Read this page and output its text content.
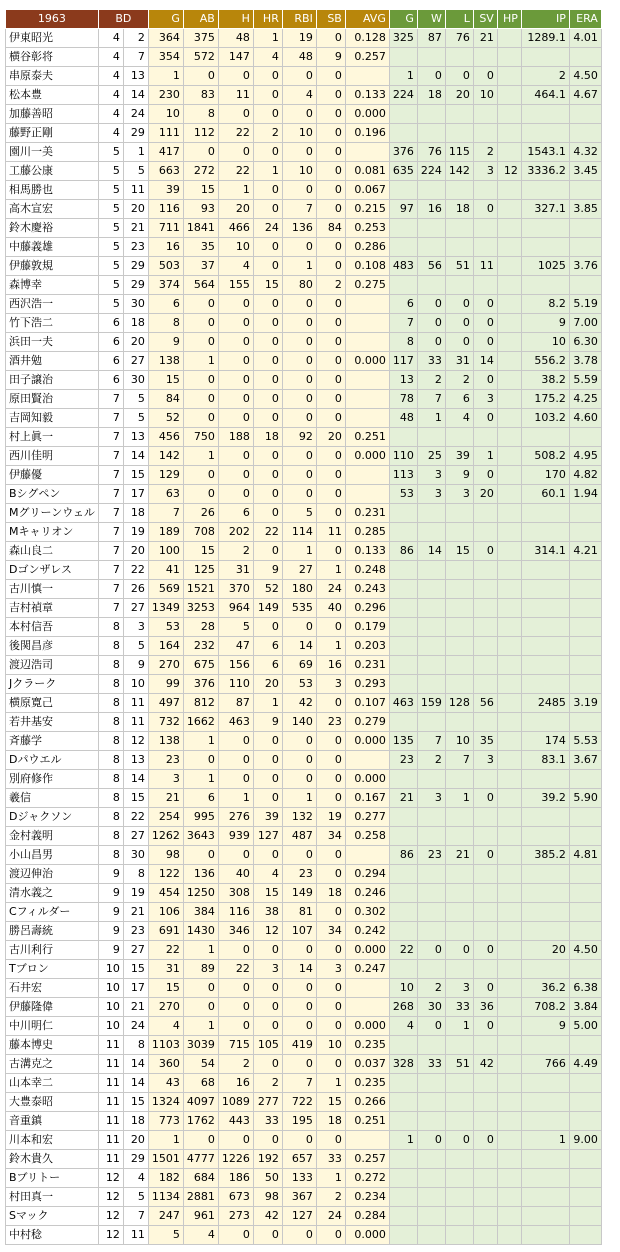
1963	BD		G	AB	H	HR	RBI	SB	AVG	G	W	L	SV	HP	IP	ERA
伊東昭光	4	2	364	375	48	1	19	0	0.128	325	87	76	21		1289.1	4.01
横谷彰将	4	7	354	572	147	4	48	9	0.257							
串原泰夫	4	13	1	0	0	0	0	0		1	0	0	0		2	4.50
松本豊	4	14	230	83	11	0	4	0	0.133	224	18	20	10		464.1	4.67
加藤善昭	4	24	10	8	0	0	0	0	0.000							
藤野正剛	4	29	111	112	22	2	10	0	0.196							
園川一美	5	1	417	0	0	0	0	0		376	76	115	2		1543.1	4.32
工藤公康	5	5	663	272	22	1	10	0	0.081	635	224	142	3	12	3336.2	3.45
相馬勝也	5	11	39	15	1	0	0	0	0.067							
高木宣宏	5	20	116	93	20	0	7	0	0.215	97	16	18	0		327.1	3.85
鈴木慶裕	5	21	711	1841	466	24	136	84	0.253							
中藤義雄	5	23	16	35	10	0	0	0	0.286							
伊藤敦規	5	29	503	37	4	0	1	0	0.108	483	56	51	11		1025	3.76
森博幸	5	29	374	564	155	15	80	2	0.275							
西沢浩一	5	30	6	0	0	0	0	0		6	0	0	0		8.2	5.19
竹下浩二	6	18	8	0	0	0	0	0		7	0	0	0		9	7.00
浜田一夫	6	20	9	0	0	0	0	0		8	0	0	0		10	6.30
酒井勉	6	27	138	1	0	0	0	0	0.000	117	33	31	14		556.2	3.78
田子譲治	6	30	15	0	0	0	0	0		13	2	2	0		38.2	5.59
原田賢治	7	5	84	0	0	0	0	0		78	7	6	3		175.2	4.25
吉岡知毅	7	5	52	0	0	0	0	0		48	1	4	0		103.2	4.60
村上眞一	7	13	456	750	188	18	92	20	0.251							
西川佳明	7	14	142	1	0	0	0	0	0.000	110	25	39	1		508.2	4.95
伊藤優	7	15	129	0	0	0	0	0		113	3	9	0		170	4.82
Bシグペン	7	17	63	0	0	0	0	0		53	3	3	20		60.1	1.94
Mグリーンウェル	7	18	7	26	6	0	5	0	0.231							
Mキャリオン	7	19	189	708	202	22	114	11	0.285							
森山良二	7	20	100	15	2	0	1	0	0.133	86	14	15	0		314.1	4.21
Dゴンザレス	7	22	41	125	31	9	27	1	0.248							
古川慎一	7	26	569	1521	370	52	180	24	0.243							
吉村禎章	7	27	1349	3253	964	149	535	40	0.296							
本村信吾	8	3	53	28	5	0	0	0	0.179							
後関昌彦	8	5	164	232	47	6	14	1	0.203							
渡辺浩司	8	9	270	675	156	6	69	16	0.231							
Jクラーク	8	10	99	376	110	20	53	3	0.293							
横原寛己	8	11	497	812	87	1	42	0	0.107	463	159	128	56		2485	3.19
若井基安	8	11	732	1662	463	9	140	23	0.279							
斉藤学	8	12	138	1	0	0	0	0	0.000	135	7	10	35		174	5.53
Dパウエル	8	13	23	0	0	0	0	0		23	2	7	3		83.1	3.67
別府修作	8	14	3	1	0	0	0	0	0.000							
羲信	8	15	21	6	1	0	1	0	0.167	21	3	1	0		39.2	5.90
Dジャクソン	8	22	254	995	276	39	132	19	0.277							
金村義明	8	27	1262	3643	939	127	487	34	0.258							
小山昌男	8	30	98	0	0	0	0	0		86	23	21	0		385.2	4.81
渡辺伸治	9	8	122	136	40	4	23	0	0.294							
清水義之	9	19	454	1250	308	15	149	18	0.246							
Cフィルダー	9	21	106	384	116	38	81	0	0.302							
勝呂壽統	9	23	691	1430	346	12	107	34	0.242							
古川利行	9	27	22	1	0	0	0	0	0.000	22	0	0	0		20	4.50
Tブロン	10	15	31	89	22	3	14	3	0.247							
石井宏	10	17	15	0	0	0	0	0		10	2	3	0		36.2	6.38
伊藤隆偉	10	21	270	0	0	0	0	0		268	30	33	36		708.2	3.84
中川明仁	10	24	4	1	0	0	0	0	0.000	4	0	1	0		9	5.00
藤本博史	11	8	1103	3039	715	105	419	10	0.235							
古溝克之	11	14	360	54	2	0	0	0	0.037	328	33	51	42		766	4.49
山本幸二	11	14	43	68	16	2	7	1	0.235							
大豊泰昭	11	15	1324	4097	1089	277	722	15	0.266							
音重鎮	11	18	773	1762	443	33	195	18	0.251							
川本和宏	11	20	1	0	0	0	0	0		1	0	0	0		1	9.00
鈴木貴久	11	29	1501	4777	1226	192	657	33	0.257							
Bブリトー	12	4	182	684	186	50	133	1	0.272							
村田真一	12	5	1134	2881	673	98	367	2	0.234							
Sマック	12	7	247	961	273	42	127	24	0.284							
中村稔	12	11	5	4	0	0	0	0	0.000							
